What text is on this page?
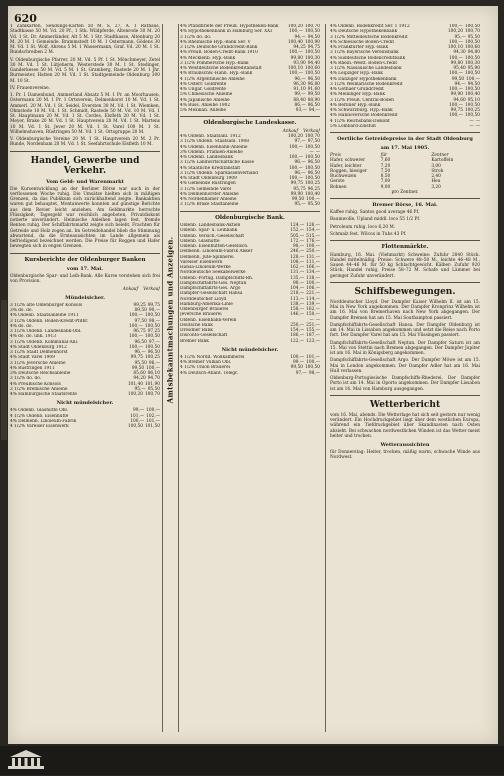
620
1 Zahlkarten, Sendungs-Karten 50 M. S. 27, A. 1 Rathaus, Stadtkasse 50 M. Vd. 20 Pf., 1 Stk. Wildpferde, Altenrode 30 M. 20 Vd. 1 St. Dr. Ammerländer, Alt 5 M. 1 Str. Stadtkasse, Altenburg 20 M. 20 M. 1 Gemeinde. Brammstedt 10 M. 1 Ostermann, Gödens 30 M. Vd. 1 St. Wolf, Ahrens 5 M. 1 Wassermann, Graf. Vd. 20 M. 1 St. Rundschreiben 2 M.
V. Oldenburgische Pfarrer, 20 M. Vd. 5 Pf. 1 St. Mönchmeyer, Zetel 30 M. Vd. 1 St. Lütjeherm, Westerstede 30 M. 1 St. Stedinger, Ganderkesee 50 M. Vd. 5 M. 1 St. Gramberg, Rastede 20 M. 1 Jhr. Burmeister, Hatten 20 M. Vd. 1 St. Stadtgemeinde Oldenburg 300 M. 10 St.
IV. Frauenvereine.
1. Pr. 1 Damenbund, Ammerland Absatz 5 M. 1 Pr. an Moorhausen, Ostermann 20 M. 1 Pr. 1 Ortsverein, Delmenhorst 10 M. Vd. 1 St. Ammerl. 20 M. Vd. 1 St. Seidel, Eversten 30 M. Vd. 1 St. Wiemken, Ohmstede 10 M. Vd. 1 St. Schmidt, Rastede 50 M. Vd. 10 M. Vd. 1 St. Hauptmann 20 M. Vd. 1 St. Cordes, Elsfleth 20 M. Vd. 1 St. Meyer, Brake 20 M. Vd. 1 St. Hauptverein 20 M. Vd. 1 St. Martens 10 M. Vd. 1 St. Jever 20 M. Vd. 1 St. Varel 100 M. 1 St. Wilhelmshaven, Rüstringen 50 M. Vd. 1 St. Ortsgruppe 20 M.
V. Oldenburgische Vereine 20 M. 1 St. Hauptverein 20 M. 2 Pr. Bunde, Nordenham 20 M. Vd. 1 St. Seefahrtschule Elsfleth 10 M.
Handel, Gewerbe und Verkehr.
Vom Geld- und Warenmarkt
Die Kursentwicklung an der Berliner Börse war auch in der verflossenen Woche ruhig. Die Umsätze hielten sich in mäßigen Grenzen, da das Publikum sich zurückhaltend zeigte. Bankaktien waren gut behauptet, Montanwerte konnten auf günstige Berichte aus dem Revier leicht anziehen. Am Geldmarkte herrschte Flüssigkeit; Tagesgeld war reichlich angeboten, Privatdiskont notierte unverändert. Heimische Anleihen lagen fest, fremde Renten ruhig. Der Schiffahrtsmarkt zeigte sich belebt, Frachten für Getreide und Holz zogen an. Im Getreidehandel blieb die Stimmung abwartend, da die Ernteaussichten im Lande allgemein als befriedigend bezeichnet werden. Die Preise für Roggen und Hafer bewegten sich in engen Grenzen.
Kursberichte der Oldenburger Banken
vom 17. Mai.
Oldenburgische Spar- und Leih-Bank. Alle Kurse verstehen sich frei von Provision.
Ankauf Verkauf
Mündelsicher.
3 1/2% alte Oldenburger Konsols	99,25 99,75
3% do. do.	89,50 90,—
4% Oldenb. Staatsanleihe 1911	100,— 100,50
3 1/2% Oldenb. Boden-Kredit-Pfdbr.	97,50 98,—
4% do. do.	100,— 100,50
3 1/2% Oldenb. Landesbank-Obl.	96,75 97,25
4% do. do. unk. 1913	100,— 100,50
3 1/2% Oldenb. Kommunal-Anl.	96,50 97,—
4% Stadt Oldenburg 1912	100,— 100,50
3 1/2% Stadt Delmenhorst	96,— 96,50
4% Stadt Varel 1909	99,75 100,25
3 1/2% Jeversche Anleihe	95,50 96,—
4% Rüstringen 1911	99,50 100,—
3% Deutsche Reichsanleihe	85,60 86,10
3 1/2% do. do.	94,20 94,70
4% Preußische Konsols	101,40 101,90
3 1/2% Bremische Anleihe	95,— 95,50
4% Hamburgische Staatsrente	100,20 100,70
Nicht mündelsicher.
4% Oldenb. Glashütte Obl.	99,— 100,—
4 1/2% Oldenb. Eisenhütte	101,— 102,—
4% Delmenh. Linoleum-Fabrik	100,— 101,—
4 1/2% Varelser Eisenwerk	100,50 101,50
Amtsbekanntmachungen und Anzeigen.
4% Pfandbriefe der Preuß. Hypotheken-Bank	100,20 100,70
4% Hypothekenbank in Hamburg Ser. XXI	100,— 100,50
3 1/2% do. do.	94,— 94,50
4% Rheinische Hyp.-Bank Ser. V	100,40 100,90
3 1/2% Deutsche Grundcredit-Bank	94,25 94,75
4% Preuß. Boden-Credit-Bank 1910	100,— 100,50
4% Mecklenb. Hyp.-Bank	99,80 100,30
3 1/2% Pommersche Hyp.-Bank	93,90 94,40
4% Westdeutsche Bodenkreditanstalt	100,10 100,60
4% Braunschw.-Hann. Hyp.-Bank	100,— 100,50
4 1/2% Argentinische Anleihe	96,— 96,50
4% Österr. Goldrente	96,30 96,80
4% Ungar. Goldrente	91,10 91,60
5% Chinesische Anleihe	99,— 99,50
4% Japanische Anleihe	88,40 88,90
4% Russ. Anleihe 1902	86,— 86,50
5% Mexikan. Anleihe	93,— 94,—
Oldenburgische Landeskasse.
Ankauf Verkauf
4% Oldenb. Staatsanl. 1912	100,20 100,70
3 1/2% Oldenb. Staatsanl. 1908	97,— 97,50
4% Oldenb. Eisenbahn-Anleihe	100,— 100,50
3% Oldenb. Prämien-Anleihe	— —
4% Oldenb. Landesbank	100,— 100,50
3 1/2% Landwirtschaftliche Kasse	96,— 96,50
4% Staatliche Kreditanstalt	100,— 100,50
3 1/2% Oldenb. Sparkassenverband	96,— 96,50
4% Stadt Oldenburg 1909	100,— 100,50
4% Gemeinde Rüstringen	99,75 100,25
3 1/2% Gemeinde Varel	95,75 96,25
4% Delmenhorster Anleihe	99,90 100,40
4% Nordenhamer Anleihe	99,50 100,—
3 1/2% Brake Stadtanleihe	95,— 95,50
Oldenburgische Bank.
Oldenb. Landesbank-Aktien	124,— 126,—
Oldenb. Spar- u. Leihbank	152,— 154,—
Oldenb. Versich.-Gesellschaft	505,— 515,—
Oldenb. Glashütte	172,— 176,—
Oldenb. Eisenhütten-Gesellsch.	98,— 100,—
Delmenh. Linoleum-Fabrik Anker	246,— 250,—
Delmenh. Jute-Spinnerei	128,— 131,—
Varelser Eisenwerk	108,— 111,—
Hansa-Linoleum-Werke	162,— 166,—
Norddeutsche Seekabelwerke	131,— 134,—
Oldenb.-Portug. Dampfschiffs-Rh.	135,— 138,—
Dampfschiffahrts-Ges. Neptun	98,— 100,—
Dampfschiffahrts-Ges. Argo	104,— 106,—
Dampfer-Gesellschaft Hansa	218,— 221,—
Norddeutscher Lloyd	113,— 114,—
Hamburg-Amerika-Linie	138,— 139,—
Oldenburger Brauerei	158,— 162,—
Jeversche Brauerei	146,— 150,—
Oldenb. Eisenbahn-Verein	— —
Deutsche Bank	250,— 251,—
Dresdner Bank	154,— 155,—
Disconto-Gesellschaft	186,— 187,—
Bremer Bank	122,— 123,—
Nicht mündelsicher.
4 1/2% Nordd. Wollkämmerei	100,— 101,—
4% Bremer Vulkan Obl.	99,— 100,—
4 1/2% Union Brauerei	99,50 100,50
4% Deutsch-Atlant. Telegr.	97,— 98,—
4% Oldenb. Bodenkredit Ser. 1 1912	100,— 100,50
4% Deutsche Hypothekenbank	100,20 100,70
3 1/2% Mitteldeutsche Bodenkredit	95,— 95,50
4% Schlesische Boden-Credit	100,— 100,50
4% Frankfurter Hyp.-Bank	100,10 100,60
3 1/2% Bayerische Vereinsbank	94,30 94,80
4% Süddeutsche Bodencreditbank	100,— 100,50
4% Rhein.-Westf. Boden-Credit	99,80 100,30
3 1/2% Nassauische Landesbank	95,40 95,90
4% Leipziger Hyp.-Bank	100,— 100,50
4% Danziger Hypothekenbank	99,50 100,—
3 1/2% Weimarische Bodenkredit	94,— 94,50
4% Gothaer Grundcredit	100,— 100,50
4% Meininger Hyp.-Bank	99,90 100,40
3 1/2% Preuß. Central-Boden	94,60 95,10
4% Berliner Hyp.-Bank	100,— 100,50
4% Schwarzburg. Hyp.-Bank	99,75 100,25
4% Hannoversche Bodenkredit	100,— 100,50
4 1/2% Reichsbank-Diskont	— —
5% Lombard-Zinsfuß	— —
Oertliche Getreidepreise in der Stadt Oldenburg
am 17. Mai 1905.
Preis	für	Zentner
Hafer, schwerer	7,60	Kartoffeln
Hafer, leichter	7,20	3,00
Roggen, hiesiger	7,50	Stroh
Buchweizen	8,50	2,40
Gerste	7,00	Heu
Bohnen	9,00	3,20
pro Zentner.
Bremer Börse, 16. Mai.
Kaffee ruhig. Santos good average 46 Pf.
Baumwolle, Upland middl. loco 55 1/2 Pf.
Petroleum ruhig. loco 6,20 M.
Schmalz fest. Wilcox in Tubs 43 Pf.
Flottenmärkte.
Hamburg, 16. Mai. (Viehmarkt) Schweine: Zufuhr 2840 Stück. Handel mittelmäßig. Preise: Schwere 48–50 M., leichte 46–48 M., Sauen 44–46 M. für 50 kg Schlachtgewicht. Kälber: Zufuhr 920 Stück, Handel ruhig, Preise 58–72 M. Schafe und Lämmer bei geringer Zufuhr unverändert.
Schiffsbewegungen.
Norddeutscher Lloyd. Der Dampfer Kaiser Wilhelm II. ist am 15. Mai in New York angekommen. Der Dampfer Kronprinz Wilhelm ist am 16. Mai von Bremerhaven nach New York abgegangen. Der Dampfer Bremen hat am 15. Mai Southampton passiert.
Dampfschiffahrts-Gesellschaft Hansa. Der Dampfer Oldenburg ist am 14. Mai in Lissabon angekommen und setzt die Reise nach Porto fort. Der Dampfer Varel hat am 15. Mai Vlissingen passiert.
Dampfschiffahrts-Gesellschaft Neptun. Der Dampfer Saturn ist am 15. Mai von Stettin nach Bremen abgegangen. Der Dampfer Jupiter ist am 16. Mai in Königsberg angekommen.
Dampfschiffahrts-Gesellschaft Argo. Der Dampfer Möwe ist am 15. Mai in London angekommen. Der Dampfer Adler hat am 16. Mai Hull verlassen.
Oldenburg-Portugiesische Dampfschiffs-Rhederei. Der Dampfer Porto ist am 14. Mai in Oporto angekommen. Der Dampfer Lissabon ist am 16. Mai von Hamburg ausgegangen.
Wetterbericht
vom 16. Mai, abends. Die Wetterlage hat sich seit gestern nur wenig verändert. Ein Hochdruckgebiet liegt über dem westlichen Europa, während ein Tiefdruckgebiet über Skandinavien nach Osten abzieht. Bei schwachen nordwestlichen Winden ist das Wetter meist heiter und trocken.
Wetteraussichten
für Donnerstag: Heiter, trocken, mäßig warm, schwache Winde aus Nordwest.
